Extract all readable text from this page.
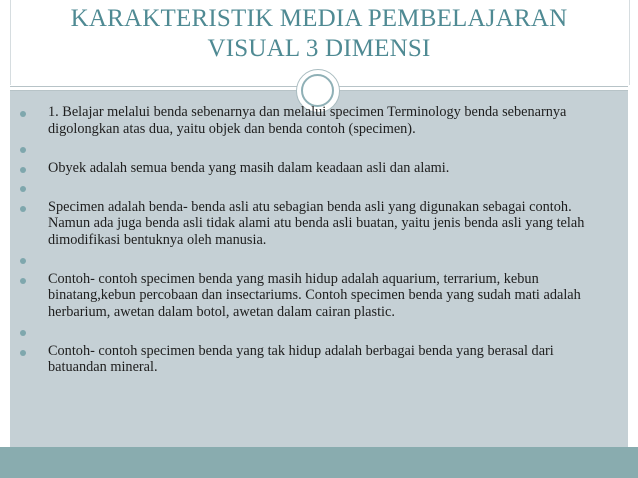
KARAKTERISTIK MEDIA PEMBELAJARAN
VISUAL 3 DIMENSI
1. Belajar melalui benda sebenarnya dan melalui specimen Terminology benda sebenarnya digolongkan atas dua, yaitu objek dan benda contoh (specimen).
Obyek adalah semua benda yang masih dalam keadaan asli dan alami.
Specimen adalah benda- benda asli atu sebagian benda asli yang digunakan sebagai contoh. Namun ada juga benda asli tidak alami atu benda asli buatan, yaitu jenis benda asli yang telah dimodifikasi bentuknya oleh manusia.
Contoh- contoh specimen benda yang masih hidup adalah aquarium, terrarium, kebun binatang,kebun percobaan dan insectariums. Contoh specimen benda yang sudah mati adalah herbarium, awetan dalam botol, awetan dalam cairan plastic.
Contoh- contoh specimen benda yang tak hidup adalah berbagai benda yang berasal dari batuandan mineral.
